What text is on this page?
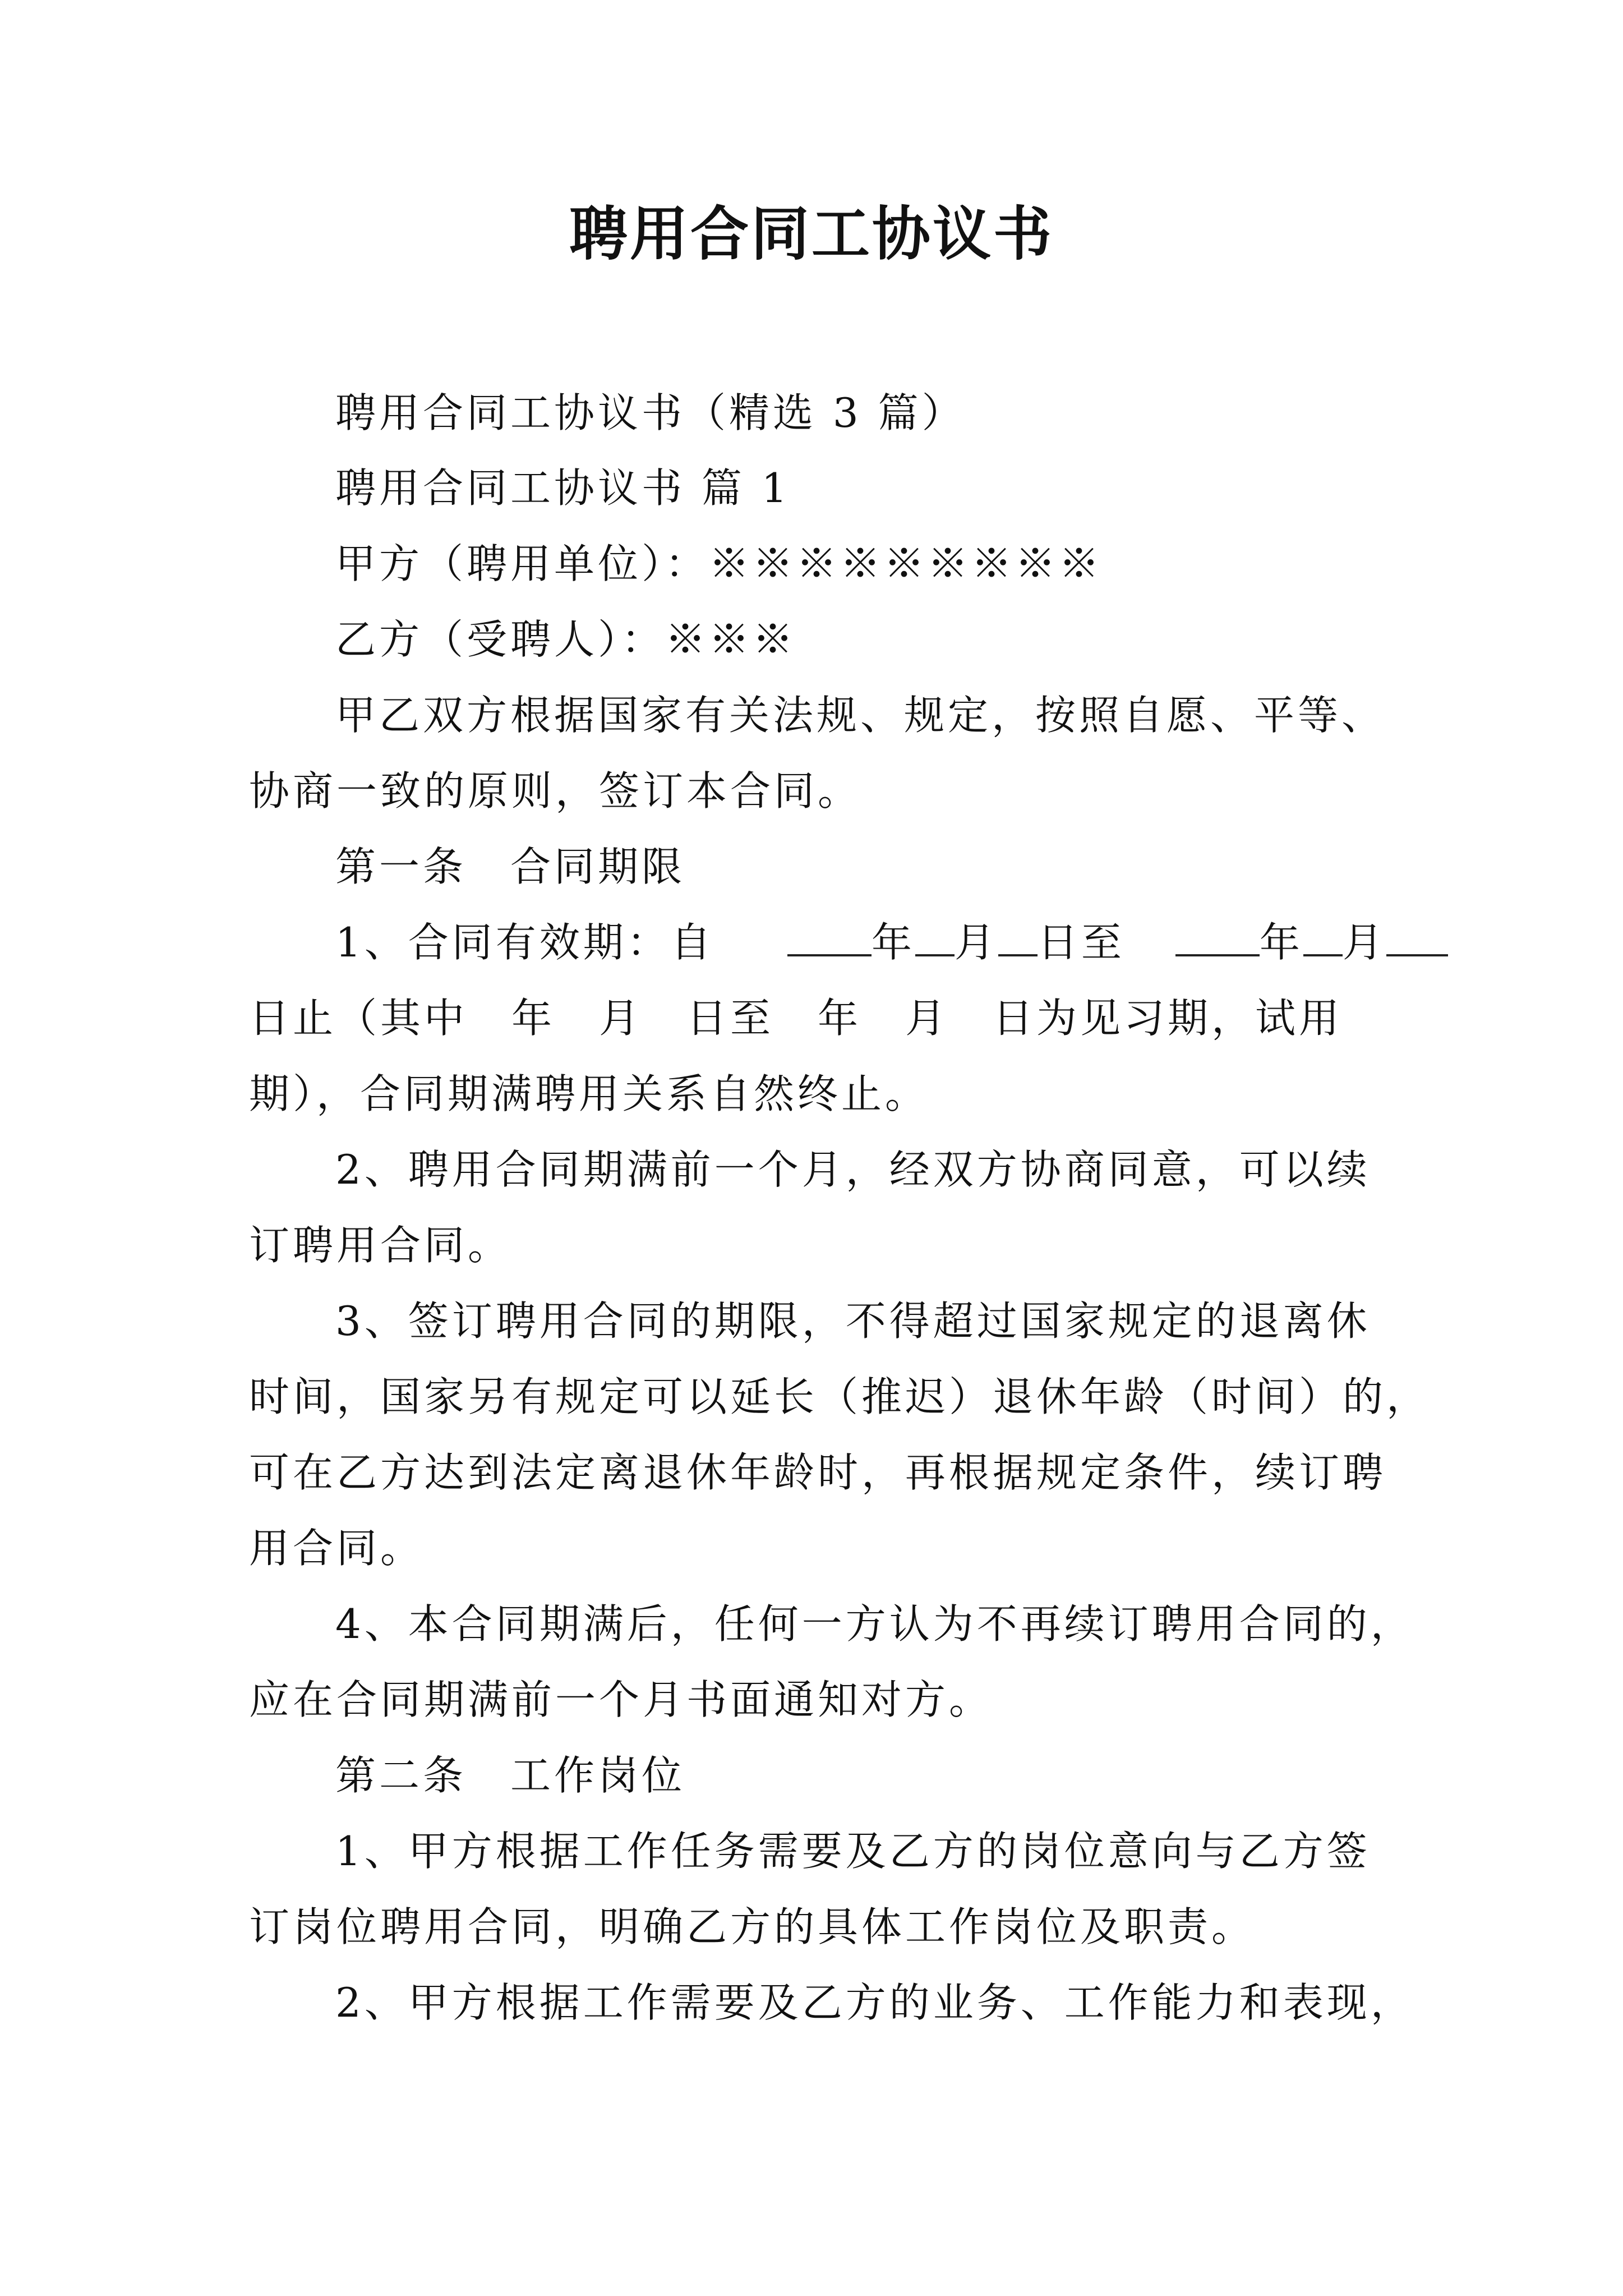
聘用合同工协议书
聘用合同工协议书（精选 3 篇）
聘用合同工协议书 篇 1
甲方（聘用单位）：※※※※※※※※※
乙方（受聘人）：※※※
甲乙双方根据国家有关法规、规定，按照自愿、平等、
协商一致的原则，签订本合同。
第一条　合同期限
1、合同有效期：自	年 月 日至	年 月
日止（其中　年　月　日至　年　月　日为见习期，试用
期），合同期满聘用关系自然终止。
2、聘用合同期满前一个月，经双方协商同意，可以续
订聘用合同。
3、签订聘用合同的期限，不得超过国家规定的退离休
时间，国家另有规定可以延长（推迟）退休年龄（时间）的，
可在乙方达到法定离退休年龄时，再根据规定条件，续订聘
用合同。
4、本合同期满后，任何一方认为不再续订聘用合同的，
应在合同期满前一个月书面通知对方。
第二条　工作岗位
1、甲方根据工作任务需要及乙方的岗位意向与乙方签
订岗位聘用合同，明确乙方的具体工作岗位及职责。
2、甲方根据工作需要及乙方的业务、工作能力和表现，
